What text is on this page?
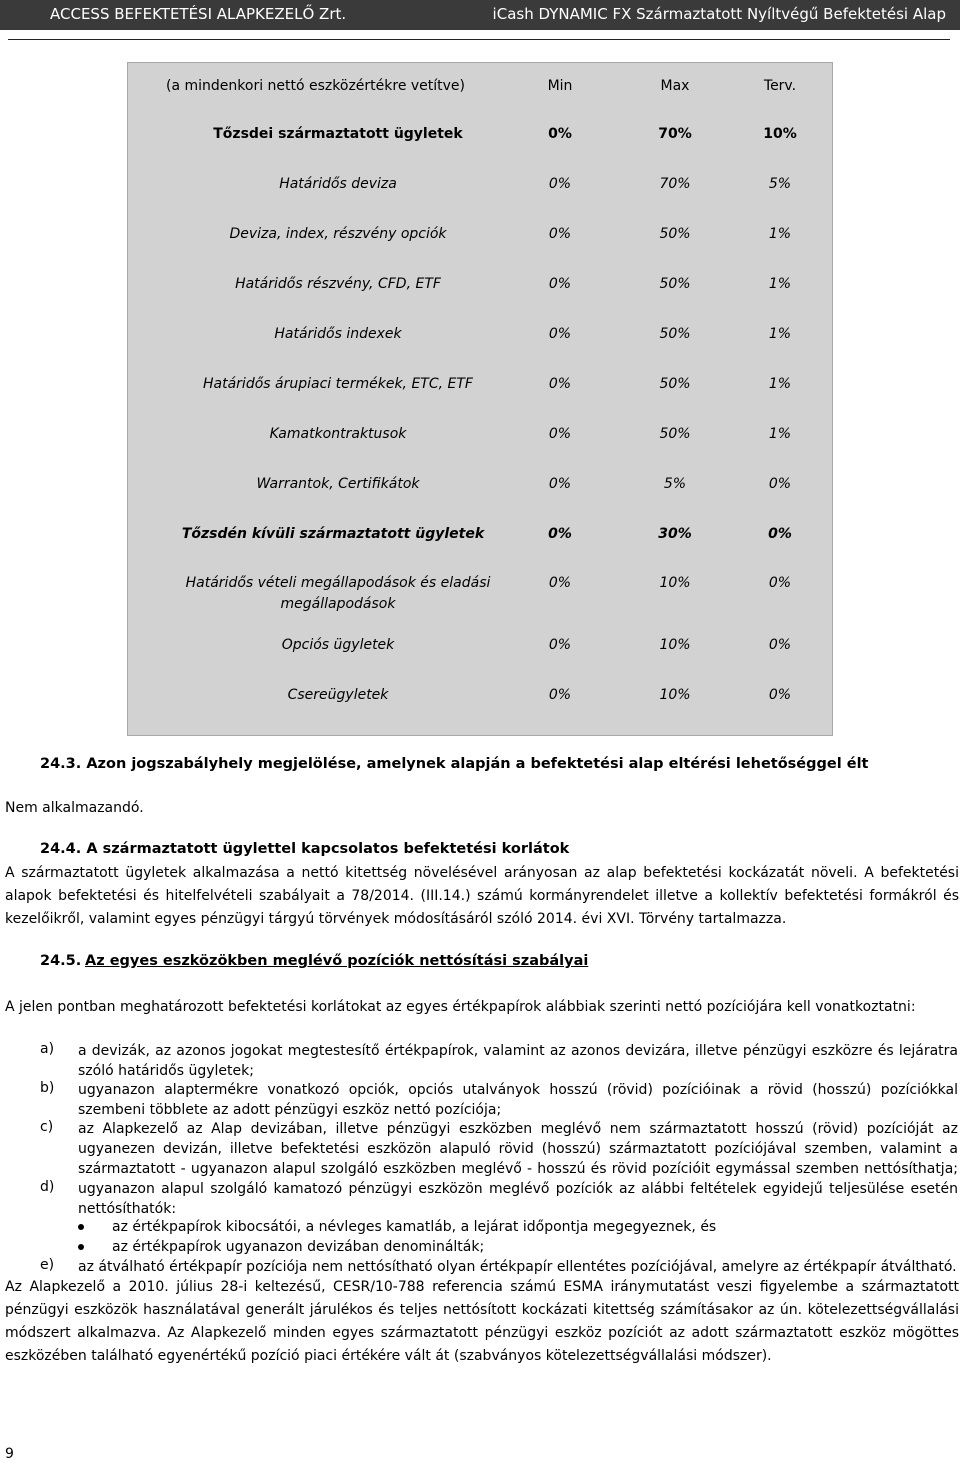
ACCESS BEFEKTETÉSI ALAPKEZELŐ Zrt.	iCash DYNAMIC FX Származtatott Nyíltvégű Befektetési Alap
(a mindenkori nettó eszközértékre vetítve)	Min	Max	Terv.
Tőzsdei származtatott ügyletek	0%	70%	10%
Határidős deviza	0%	70%	5%
Deviza, index, részvény opciók	0%	50%	1%
Határidős részvény, CFD, ETF	0%	50%	1%
Határidős indexek	0%	50%	1%
Határidős árupiaci termékek, ETC, ETF	0%	50%	1%
Kamatkontraktusok	0%	50%	1%
Warrantok, Certifikátok	0%	5%	0%
Tőzsdén kívüli származtatott ügyletek	0%	30%	0%
Határidős vételi megállapodások és eladási	0%	10%	0%
megállapodások
Opciós ügyletek	0%	10%	0%
Csereügyletek	0%	10%	0%
24.3. Azon jogszabályhely megjelölése, amelynek alapján a befektetési alap eltérési lehetőséggel élt
Nem alkalmazandó.
24.4. A származtatott ügylettel kapcsolatos befektetési korlátok
A származtatott ügyletek alkalmazása a nettó kitettség növelésével arányosan az alap befektetési kockázatát növeli. A befektetési
alapok befektetési és hitelfelvételi szabályait a 78/2014. (III.14.) számú kormányrendelet illetve a kollektív befektetési formákról és
kezelőikről, valamint egyes pénzügyi tárgyú törvények módosításáról szóló 2014. évi XVI. Törvény tartalmazza.
24.5. Az egyes eszközökben meglévő pozíciók nettósítási szabályai
A jelen pontban meghatározott befektetési korlátokat az egyes értékpapírok alábbiak szerinti nettó pozíciójára kell vonatkoztatni:
a) a devizák, az azonos jogokat megtestesítő értékpapírok, valamint az azonos devizára, illetve pénzügyi eszközre és lejáratra
szóló határidős ügyletek;
b) ugyanazon alaptermékre vonatkozó opciók, opciós utalványok hosszú (rövid) pozícióinak a rövid (hosszú) pozíciókkal
szembeni többlete az adott pénzügyi eszköz nettó pozíciója;
c) az Alapkezelő az Alap devizában, illetve pénzügyi eszközben meglévő nem származtatott hosszú (rövid) pozícióját az
ugyanezen devizán, illetve befektetési eszközön alapuló rövid (hosszú) származtatott pozíciójával szemben, valamint a
származtatott - ugyanazon alapul szolgáló eszközben meglévő - hosszú és rövid pozícióit egymással szemben nettósíthatja;
d) ugyanazon alapul szolgáló kamatozó pénzügyi eszközön meglévő pozíciók az alábbi feltételek egyidejű teljesülése esetén
nettósíthatók:
az értékpapírok kibocsátói, a névleges kamatláb, a lejárat időpontja megegyeznek, és
az értékpapírok ugyanazon devizában denominálták;
e) az átválható értékpapír pozíciója nem nettósítható olyan értékpapír ellentétes pozíciójával, amelyre az értékpapír átváltható.
Az Alapkezelő a 2010. július 28-i keltezésű, CESR/10-788 referencia számú ESMA iránymutatást veszi figyelembe a származtatott
pénzügyi eszközök használatával generált járulékos és teljes nettósított kockázati kitettség számításakor az ún. kötelezettségvállalási
módszert alkalmazva. Az Alapkezelő minden egyes származtatott pénzügyi eszköz pozíciót az adott származtatott eszköz mögöttes
eszközében található egyenértékű pozíció piaci értékére vált át (szabványos kötelezettségvállalási módszer).
9
